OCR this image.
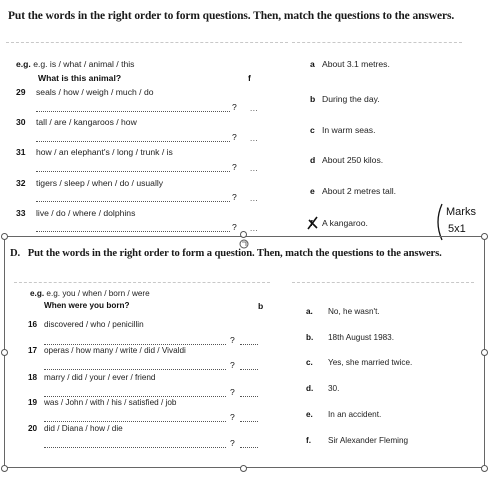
Put the words in the right order to form questions. Then, match the questions to the answers.
e.g. e.g. is / what / animal / this
What is this animal?	f
29 seals / how / weigh / much / do
? ...
30 tall / are / kangaroos / how
? ...
31 how / an elephant's / long / trunk / is
? ...
32 tigers / sleep / when / do / usually
? ...
33 live / do / where / dolphins
? ...
a About 3.1 metres.
b During the day.
c In warm seas.
d About 250 kilos.
e About 2 metres tall.
f A kangaroo.
Marks
5x1
D. Put the words in the right order to form a question. Then, match the questions to the answers.
e.g. e.g. you / when / born / were
When were you born?	b
16 discovered / who / penicillin
?
17 operas / how many / write / did / Vivaldi
?
18 marry / did / your / ever / friend
?
19 was / John / with / his / satisfied / job
?
20 did / Diana / how / die
?
a. No, he wasn't.
b. 18th August 1983.
c. Yes, she married twice.
d. 30.
e. In an accident.
f. Sir Alexander Fleming
